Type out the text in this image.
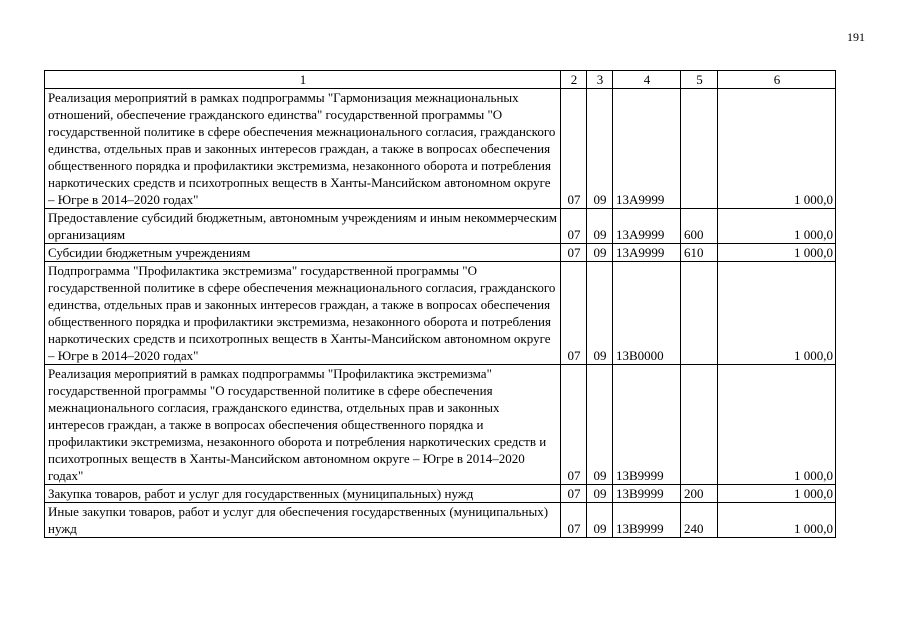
191
1	2	3	4	5	6
Реализация мероприятий в рамках подпрограммы "Гармонизация межнациональных отношений, обеспечение гражданского единства" государственной программы "О государственной политике в сфере обеспечения межнационального согласия, гражданского единства, отдельных прав и законных интересов граждан, а также в вопросах обеспечения общественного порядка и профилактики экстремизма, незаконного оборота и потребления наркотических средств и психотропных веществ в Ханты-Мансийском автономном округе – Югре в 2014–2020 годах"	07	09	13А9999		1 000,0
Предоставление субсидий бюджетным, автономным учреждениям и иным некоммерческим организациям	07	09	13А9999	600	1 000,0
Субсидии бюджетным учреждениям	07	09	13А9999	610	1 000,0
Подпрограмма "Профилактика экстремизма" государственной программы "О государственной политике в сфере обеспечения межнационального согласия, гражданского единства, отдельных прав и законных интересов граждан, а также в вопросах обеспечения общественного порядка и профилактики экстремизма, незаконного оборота и потребления наркотических средств и психотропных веществ в Ханты-Мансийском автономном округе – Югре в 2014–2020 годах"	07	09	13В0000		1 000,0
Реализация мероприятий в рамках подпрограммы "Профилактика экстремизма" государственной программы "О государственной политике в сфере обеспечения межнационального согласия, гражданского единства, отдельных прав и законных интересов граждан, а также в вопросах обеспечения общественного порядка и профилактики экстремизма, незаконного оборота и потребления наркотических средств и психотропных веществ в Ханты-Мансийском автономном округе – Югре в 2014–2020 годах"	07	09	13В9999		1 000,0
Закупка товаров, работ и услуг для государственных (муниципальных) нужд	07	09	13В9999	200	1 000,0
Иные закупки товаров, работ и услуг для обеспечения государственных (муниципальных) нужд	07	09	13В9999	240	1 000,0
